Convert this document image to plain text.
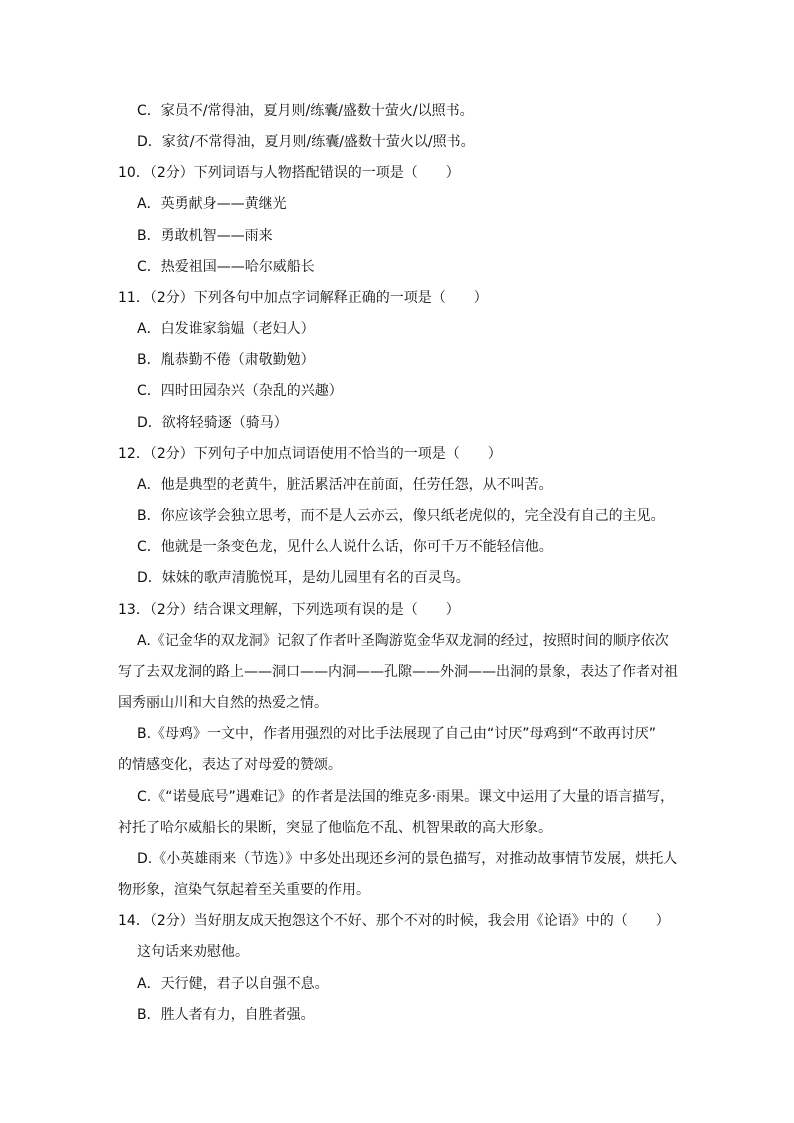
C．家员不/常得油，夏月则/练囊/盛数十萤火/以照书。
D．家贫/不常得油，夏月则/练囊/盛数十萤火以/照书。
10．（2分）下列词语与人物搭配错误的一项是（　　）
A．英勇献身——黄继光
B．勇敢机智——雨来
C．热爱祖国——哈尔威船长
11．（2分）下列各句中加点字词解释正确的一项是（　　）
A．白发谁家翁媪（老妇人）
B．胤恭勤不倦（肃敬勤勉）
C．四时田园杂兴（杂乱的兴趣）
D．欲将轻骑逐（骑马）
12．（2分）下列句子中加点词语使用不恰当的一项是（　　）
A．他是典型的老黄牛，脏活累活冲在前面，任劳任怨，从不叫苦。
B．你应该学会独立思考，而不是人云亦云，像只纸老虎似的，完全没有自己的主见。
C．他就是一条变色龙，见什么人说什么话，你可千万不能轻信他。
D．妹妹的歌声清脆悦耳，是幼儿园里有名的百灵鸟。
13．（2分）结合课文理解，下列选项有误的是（　　）
A.《记金华的双龙洞》记叙了作者叶圣陶游览金华双龙洞的经过，按照时间的顺序依次
写了去双龙洞的路上——洞口——内洞——孔隙——外洞——出洞的景象，表达了作者对祖
国秀丽山川和大自然的热爱之情。
B.《母鸡》一文中，作者用强烈的对比手法展现了自己由“讨厌”母鸡到“不敢再讨厌”
的情感变化，表达了对母爱的赞颂。
C.《“诺曼底号”遇难记》的作者是法国的维克多·雨果。课文中运用了大量的语言描写，
衬托了哈尔威船长的果断，突显了他临危不乱、机智果敢的高大形象。
D.《小英雄雨来（节选）》中多处出现还乡河的景色描写，对推动故事情节发展，烘托人
物形象，渲染气氛起着至关重要的作用。
14．（2分）当好朋友成天抱怨这个不好、那个不对的时候，我会用《论语》中的（　　）
这句话来劝慰他。
A．天行健，君子以自强不息。
B．胜人者有力，自胜者强。
